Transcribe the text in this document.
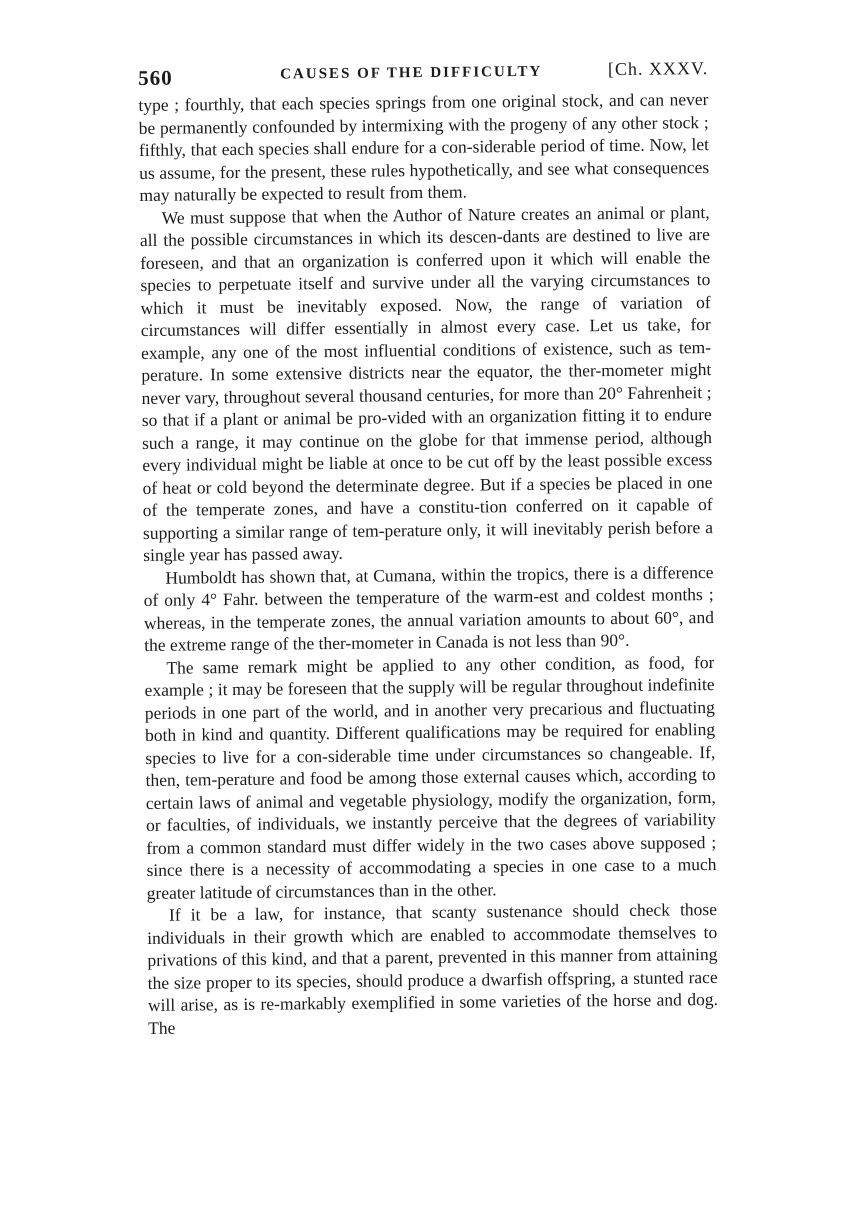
560	CAUSES OF THE DIFFICULTY	[Ch. XXXV.

type ; fourthly, that each species springs from one original stock, and can never be permanently confounded by intermixing with the progeny of any other stock ; fifthly, that each species shall endure for a con-siderable period of time. Now, let us assume, for the present, these rules hypothetically, and see what consequences may naturally be expected to result from them.

We must suppose that when the Author of Nature creates an animal or plant, all the possible circumstances in which its descen-dants are destined to live are foreseen, and that an organization is conferred upon it which will enable the species to perpetuate itself and survive under all the varying circumstances to which it must be inevitably exposed. Now, the range of variation of circumstances will differ essentially in almost every case. Let us take, for example, any one of the most influential conditions of existence, such as tem-perature. In some extensive districts near the equator, the ther-mometer might never vary, throughout several thousand centuries, for more than 20° Fahrenheit ; so that if a plant or animal be pro-vided with an organization fitting it to endure such a range, it may continue on the globe for that immense period, although every individual might be liable at once to be cut off by the least possible excess of heat or cold beyond the determinate degree. But if a species be placed in one of the temperate zones, and have a constitu-tion conferred on it capable of supporting a similar range of tem-perature only, it will inevitably perish before a single year has passed away.

Humboldt has shown that, at Cumana, within the tropics, there is a difference of only 4° Fahr. between the temperature of the warm-est and coldest months ; whereas, in the temperate zones, the annual variation amounts to about 60°, and the extreme range of the ther-mometer in Canada is not less than 90°.

The same remark might be applied to any other condition, as food, for example ; it may be foreseen that the supply will be regular throughout indefinite periods in one part of the world, and in another very precarious and fluctuating both in kind and quantity. Different qualifications may be required for enabling species to live for a con-siderable time under circumstances so changeable. If, then, tem-perature and food be among those external causes which, according to certain laws of animal and vegetable physiology, modify the organization, form, or faculties, of individuals, we instantly perceive that the degrees of variability from a common standard must differ widely in the two cases above supposed ; since there is a necessity of accommodating a species in one case to a much greater latitude of circumstances than in the other.

If it be a law, for instance, that scanty sustenance should check those individuals in their growth which are enabled to accommodate themselves to privations of this kind, and that a parent, prevented in this manner from attaining the size proper to its species, should produce a dwarfish offspring, a stunted race will arise, as is re-markably exemplified in some varieties of the horse and dog. The
